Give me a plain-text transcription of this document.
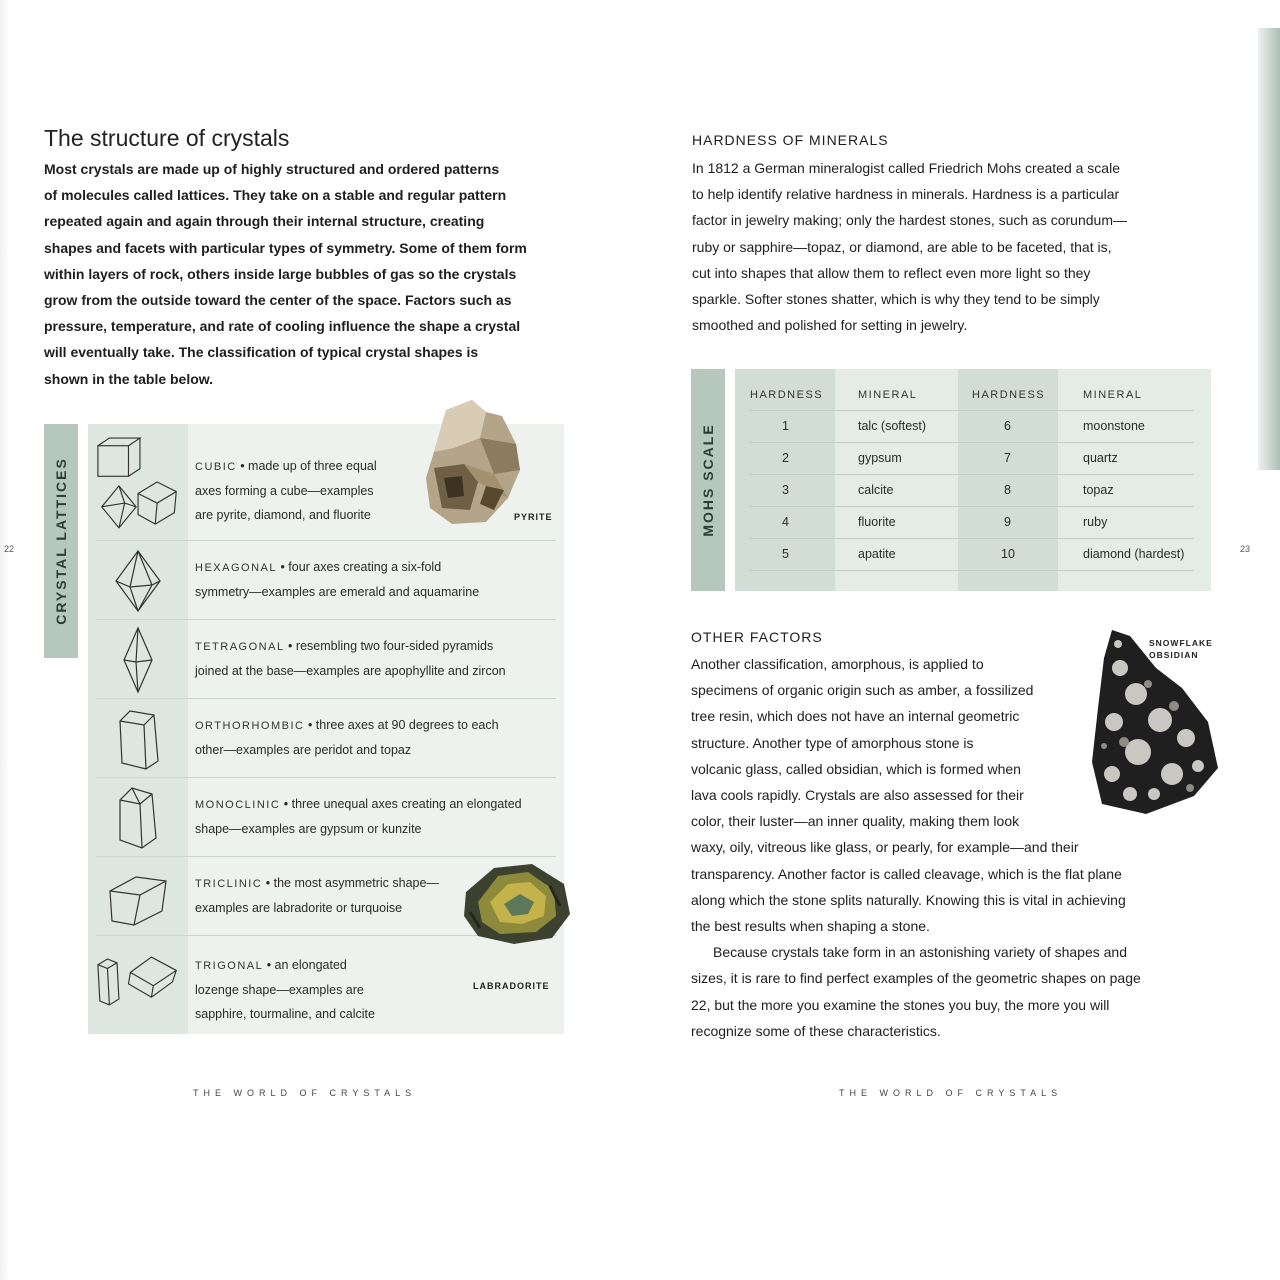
22	23
The structure of crystals
Most crystals are made up of highly structured and ordered patterns
of molecules called lattices. They take on a stable and regular pattern
repeated again and again through their internal structure, creating
shapes and facets with particular types of symmetry. Some of them form
within layers of rock, others inside large bubbles of gas so the crystals
grow from the outside toward the center of the space. Factors such as
pressure, temperature, and rate of cooling influence the shape a crystal
will eventually take. The classification of typical crystal shapes is
shown in the table below.
CRYSTAL LATTICES	CUBIC • made up of three equal
axes forming a cube—examples
are pyrite, diamond, and fluorite
HEXAGONAL • four axes creating a six-fold
symmetry—examples are emerald and aquamarine
TETRAGONAL • resembling two four-sided pyramids
joined at the base—examples are apophyllite and zircon
ORTHORHOMBIC • three axes at 90 degrees to each
other—examples are peridot and topaz
MONOCLINIC • three unequal axes creating an elongated
shape—examples are gypsum or kunzite
TRICLINIC • the most asymmetric shape—
examples are labradorite or turquoise
TRIGONAL • an elongated
lozenge shape—examples are
sapphire, tourmaline, and calcite
PYRITE
LABRADORITE
THE WORLD OF CRYSTALS
HARDNESS OF MINERALS
In 1812 a German mineralogist called Friedrich Mohs created a scale
to help identify relative hardness in minerals. Hardness is a particular
factor in jewelry making; only the hardest stones, such as corundum—
ruby or sapphire—topaz, or diamond, are able to be faceted, that is,
cut into shapes that allow them to reflect even more light so they
sparkle. Softer stones shatter, which is why they tend to be simply
smoothed and polished for setting in jewelry.
MOHS SCALE
HARDNESS	MINERAL	HARDNESS	MINERAL
1	talc (softest)	6	moonstone
2	gypsum	7	quartz
3	calcite	8	topaz
4	fluorite	9	ruby
5	apatite	10	diamond (hardest)
OTHER FACTORS
Another classification, amorphous, is applied to
specimens of organic origin such as amber, a fossilized
tree resin, which does not have an internal geometric
structure. Another type of amorphous stone is
volcanic glass, called obsidian, which is formed when
lava cools rapidly. Crystals are also assessed for their
color, their luster—an inner quality, making them look
waxy, oily, vitreous like glass, or pearly, for example—and their
transparency. Another factor is called cleavage, which is the flat plane
along which the stone splits naturally. Knowing this is vital in achieving
the best results when shaping a stone.
Because crystals take form in an astonishing variety of shapes and
sizes, it is rare to find perfect examples of the geometric shapes on page
22, but the more you examine the stones you buy, the more you will
recognize some of these characteristics.
SNOWFLAKE
OBSIDIAN
THE WORLD OF CRYSTALS
